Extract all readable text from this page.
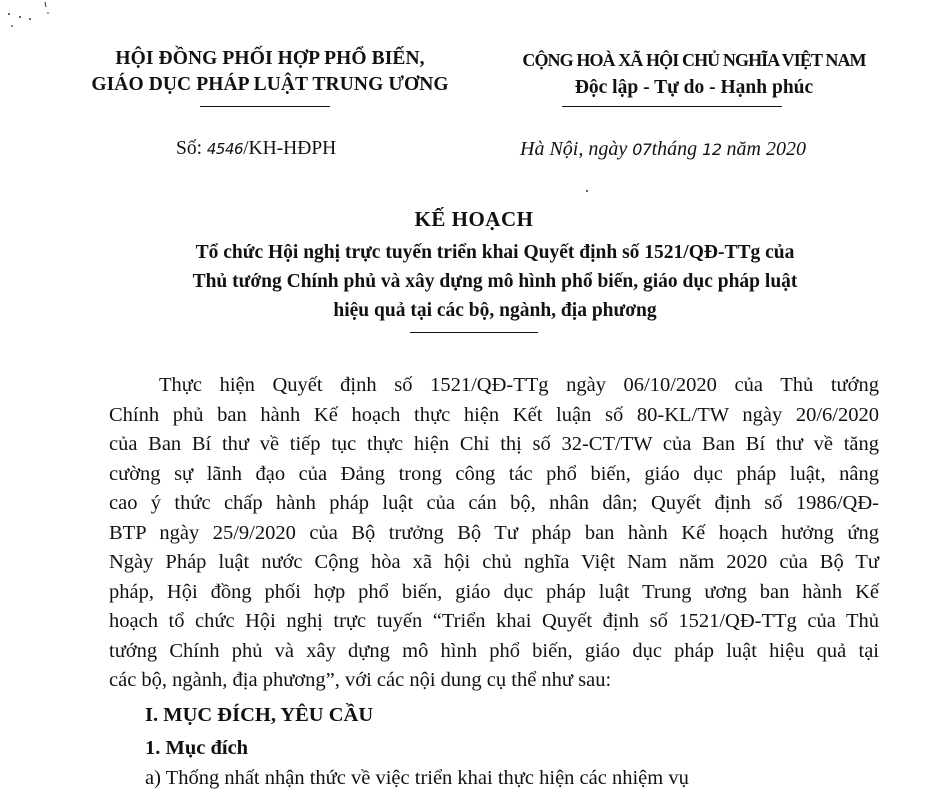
HỘI ĐỒNG PHỐI HỢP PHỔ BIẾN,
GIÁO DỤC PHÁP LUẬT TRUNG ƯƠNG
CỘNG HOÀ XÃ HỘI CHỦ NGHĨA VIỆT NAM
Độc lập - Tự do - Hạnh phúc
Số: 4546/KH-HĐPH	Hà Nội, ngày 07tháng 12 năm 2020
KẾ HOẠCH
Tổ chức Hội nghị trực tuyến triển khai Quyết định số 1521/QĐ-TTg của
Thủ tướng Chính phủ và xây dựng mô hình phổ biến, giáo dục pháp luật
hiệu quả tại các bộ, ngành, địa phương
Thực hiện Quyết định số 1521/QĐ-TTg ngày 06/10/2020 của Thủ tướng
Chính phủ ban hành Kế hoạch thực hiện Kết luận số 80-KL/TW ngày 20/6/2020
của Ban Bí thư về tiếp tục thực hiện Chỉ thị số 32-CT/TW của Ban Bí thư về tăng
cường sự lãnh đạo của Đảng trong công tác phổ biến, giáo dục pháp luật, nâng
cao ý thức chấp hành pháp luật của cán bộ, nhân dân; Quyết định số 1986/QĐ-
BTP ngày 25/9/2020 của Bộ trưởng Bộ Tư pháp ban hành Kế hoạch hưởng ứng
Ngày Pháp luật nước Cộng hòa xã hội chủ nghĩa Việt Nam năm 2020 của Bộ Tư
pháp, Hội đồng phối hợp phổ biến, giáo dục pháp luật Trung ương ban hành Kế
hoạch tổ chức Hội nghị trực tuyến “Triển khai Quyết định số 1521/QĐ-TTg của Thủ
tướng Chính phủ và xây dựng mô hình phổ biến, giáo dục pháp luật hiệu quả tại
các bộ, ngành, địa phương”, với các nội dung cụ thể như sau:
I. MỤC ĐÍCH, YÊU CẦU
1. Mục đích
a) Thống nhất nhận thức về việc triển khai thực hiện các nhiệm vụ
